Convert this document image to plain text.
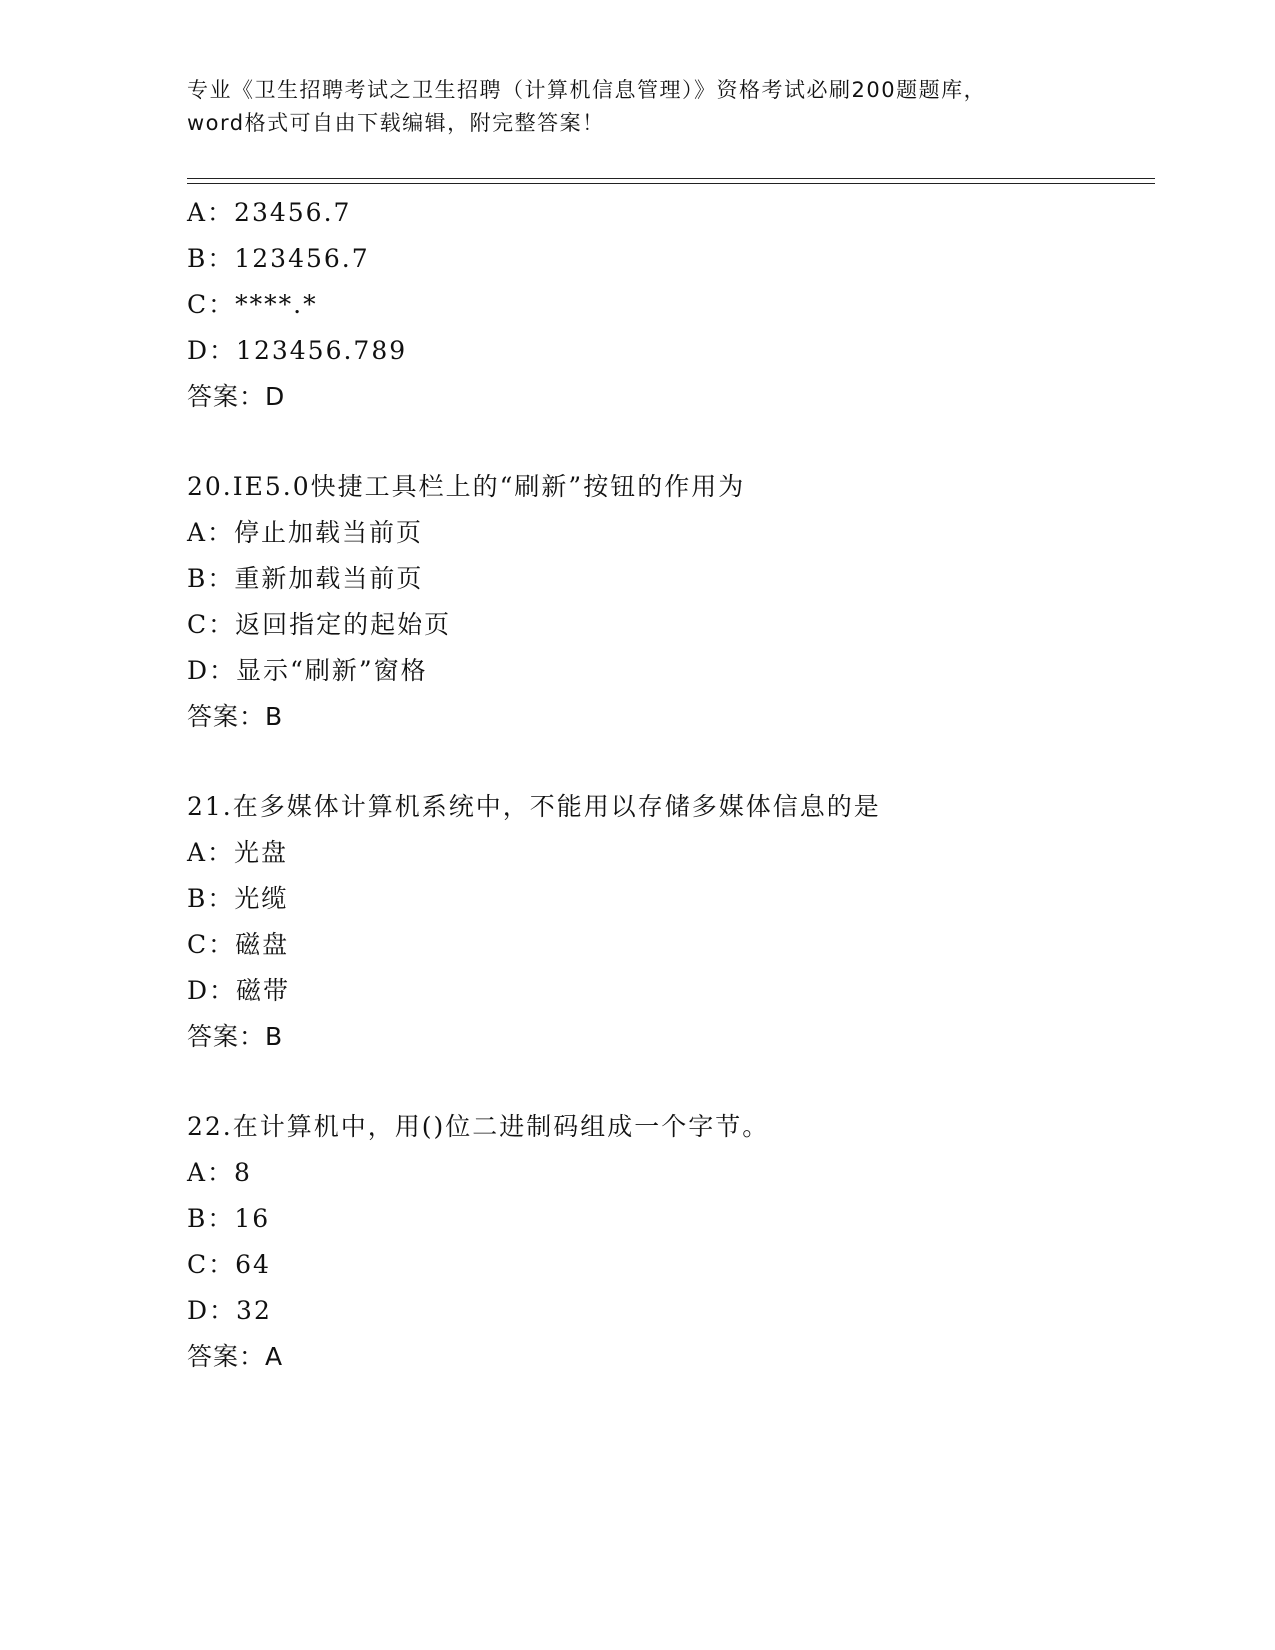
专业《卫生招聘考试之卫生招聘（计算机信息管理）》资格考试必刷200题题库，
word格式可自由下载编辑，附完整答案！
A：23456.7
B：123456.7
C：****.*
D：123456.789
答案：D
20.IE5.0快捷工具栏上的“刷新”按钮的作用为
A：停止加载当前页
B：重新加载当前页
C：返回指定的起始页
D：显示“刷新”窗格
答案：B
21.在多媒体计算机系统中，不能用以存储多媒体信息的是
A：光盘
B：光缆
C：磁盘
D：磁带
答案：B
22.在计算机中，用()位二进制码组成一个字节。
A：8
B：16
C：64
D：32
答案：A
